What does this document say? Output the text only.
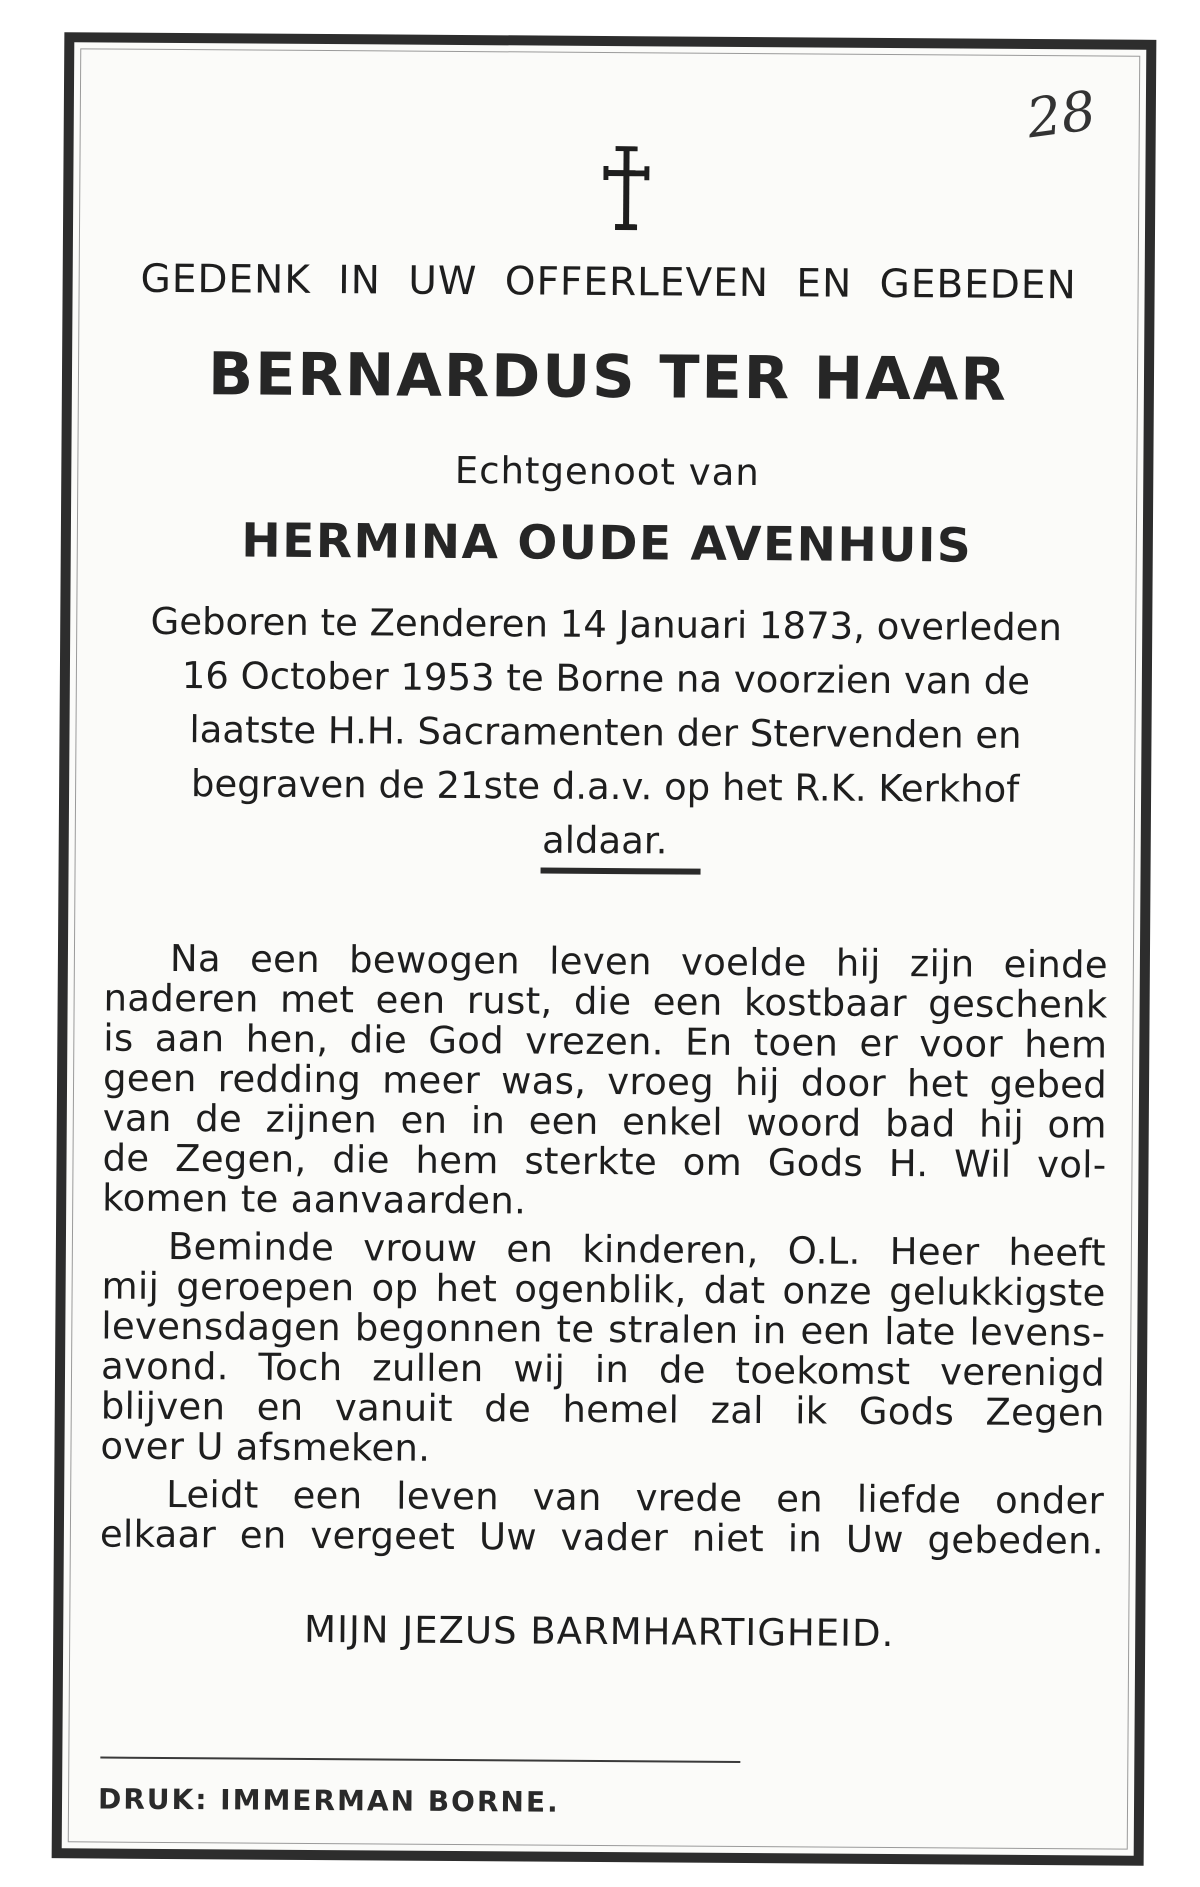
28
GEDENK IN UW OFFERLEVEN EN GEBEDEN
BERNARDUS TER HAAR
Echtgenoot van
HERMINA OUDE AVENHUIS
Geboren te Zenderen 14 Januari 1873, overleden
16 October 1953 te Borne na voorzien van de
laatste H.H. Sacramenten der Stervenden en
begraven de 21ste d.a.v. op het R.K. Kerkhof
aldaar.
Na een bewogen leven voelde hij zijn einde
naderen met een rust, die een kostbaar geschenk
is aan hen, die God vrezen. En toen er voor hem
geen redding meer was, vroeg hij door het gebed
van de zijnen en in een enkel woord bad hij om
de Zegen, die hem sterkte om Gods H. Wil vol-
komen te aanvaarden.
Beminde vrouw en kinderen, O.L. Heer heeft
mij geroepen op het ogenblik, dat onze gelukkigste
levensdagen begonnen te stralen in een late levens-
avond. Toch zullen wij in de toekomst verenigd
blijven en vanuit de hemel zal ik Gods Zegen
over U afsmeken.
Leidt een leven van vrede en liefde onder
elkaar en vergeet Uw vader niet in Uw gebeden.
MIJN JEZUS BARMHARTIGHEID.
DRUK: IMMERMAN BORNE.
